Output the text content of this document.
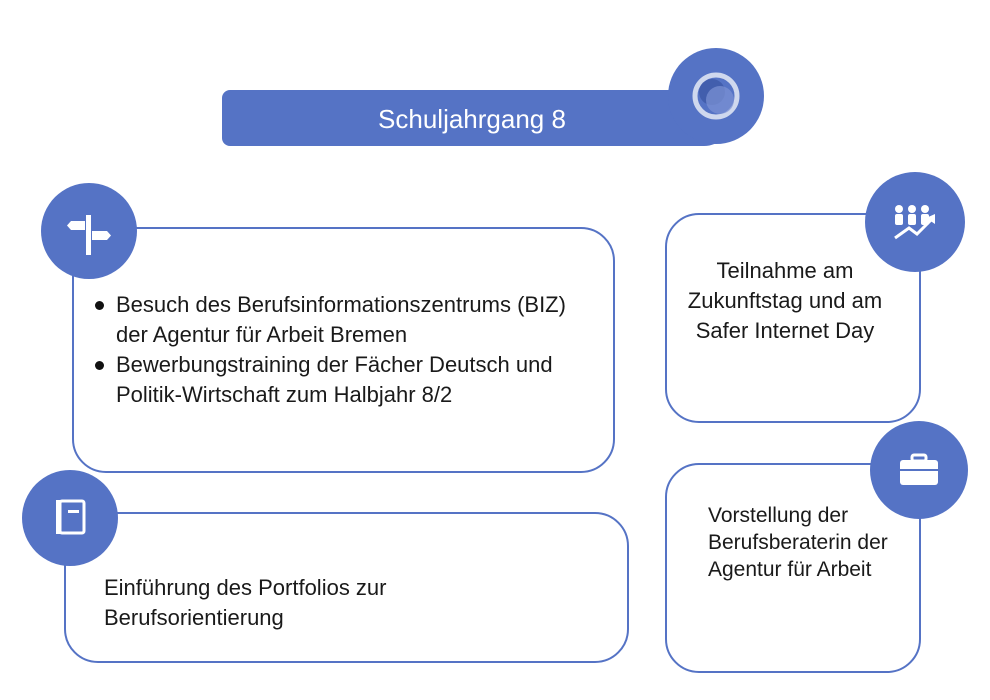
Schuljahrgang 8
Besuch des Berufsinformationszentrums (BIZ) der Agentur für Arbeit Bremen
Bewerbungstraining der Fächer Deutsch und Politik-Wirtschaft zum Halbjahr 8/2
Teilnahme am Zukunftstag und am Safer Internet Day
Einführung des Portfolios zur Berufsorientierung
Vorstellung der Berufsberaterin der Agentur für Arbeit
